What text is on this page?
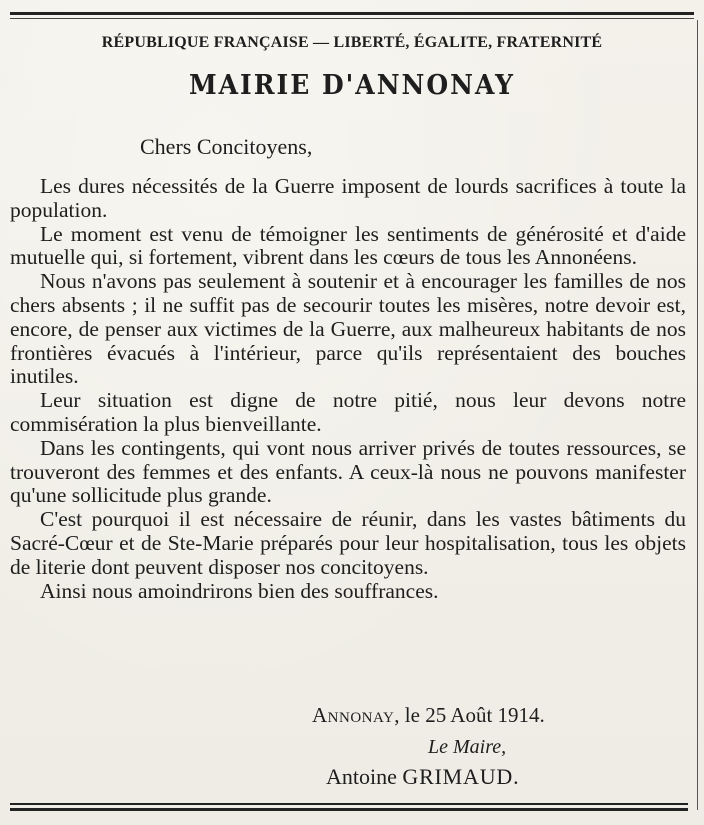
RÉPUBLIQUE FRANÇAISE — LIBERTÉ, ÉGALITE, FRATERNITÉ
MAIRIE D'ANNONAY
Chers Concitoyens,

Les dures nécessités de la Guerre imposent de lourds sacrifices à toute la population.

Le moment est venu de témoigner les sentiments de générosité et d'aide mutuelle qui, si fortement, vibrent dans les cœurs de tous les Annonéens.

Nous n'avons pas seulement à soutenir et à encourager les familles de nos chers absents ; il ne suffit pas de secourir toutes les misères, notre devoir est, encore, de penser aux victimes de la Guerre, aux malheureux habitants de nos frontières évacués à l'intérieur, parce qu'ils représentaient des bouches inutiles.

Leur situation est digne de notre pitié, nous leur devons notre commisération la plus bienveillante.

Dans les contingents, qui vont nous arriver privés de toutes ressources, se trouveront des femmes et des enfants. A ceux-là nous ne pouvons manifester qu'une sollicitude plus grande.

C'est pourquoi il est nécessaire de réunir, dans les vastes bâtiments du Sacré-Cœur et de Ste-Marie préparés pour leur hospitalisation, tous les objets de literie dont peuvent disposer nos concitoyens.

Ainsi nous amoindrirons bien des souffrances.

Annonay, le 25 Août 1914.
Le Maire,
Antoine GRIMAUD.
